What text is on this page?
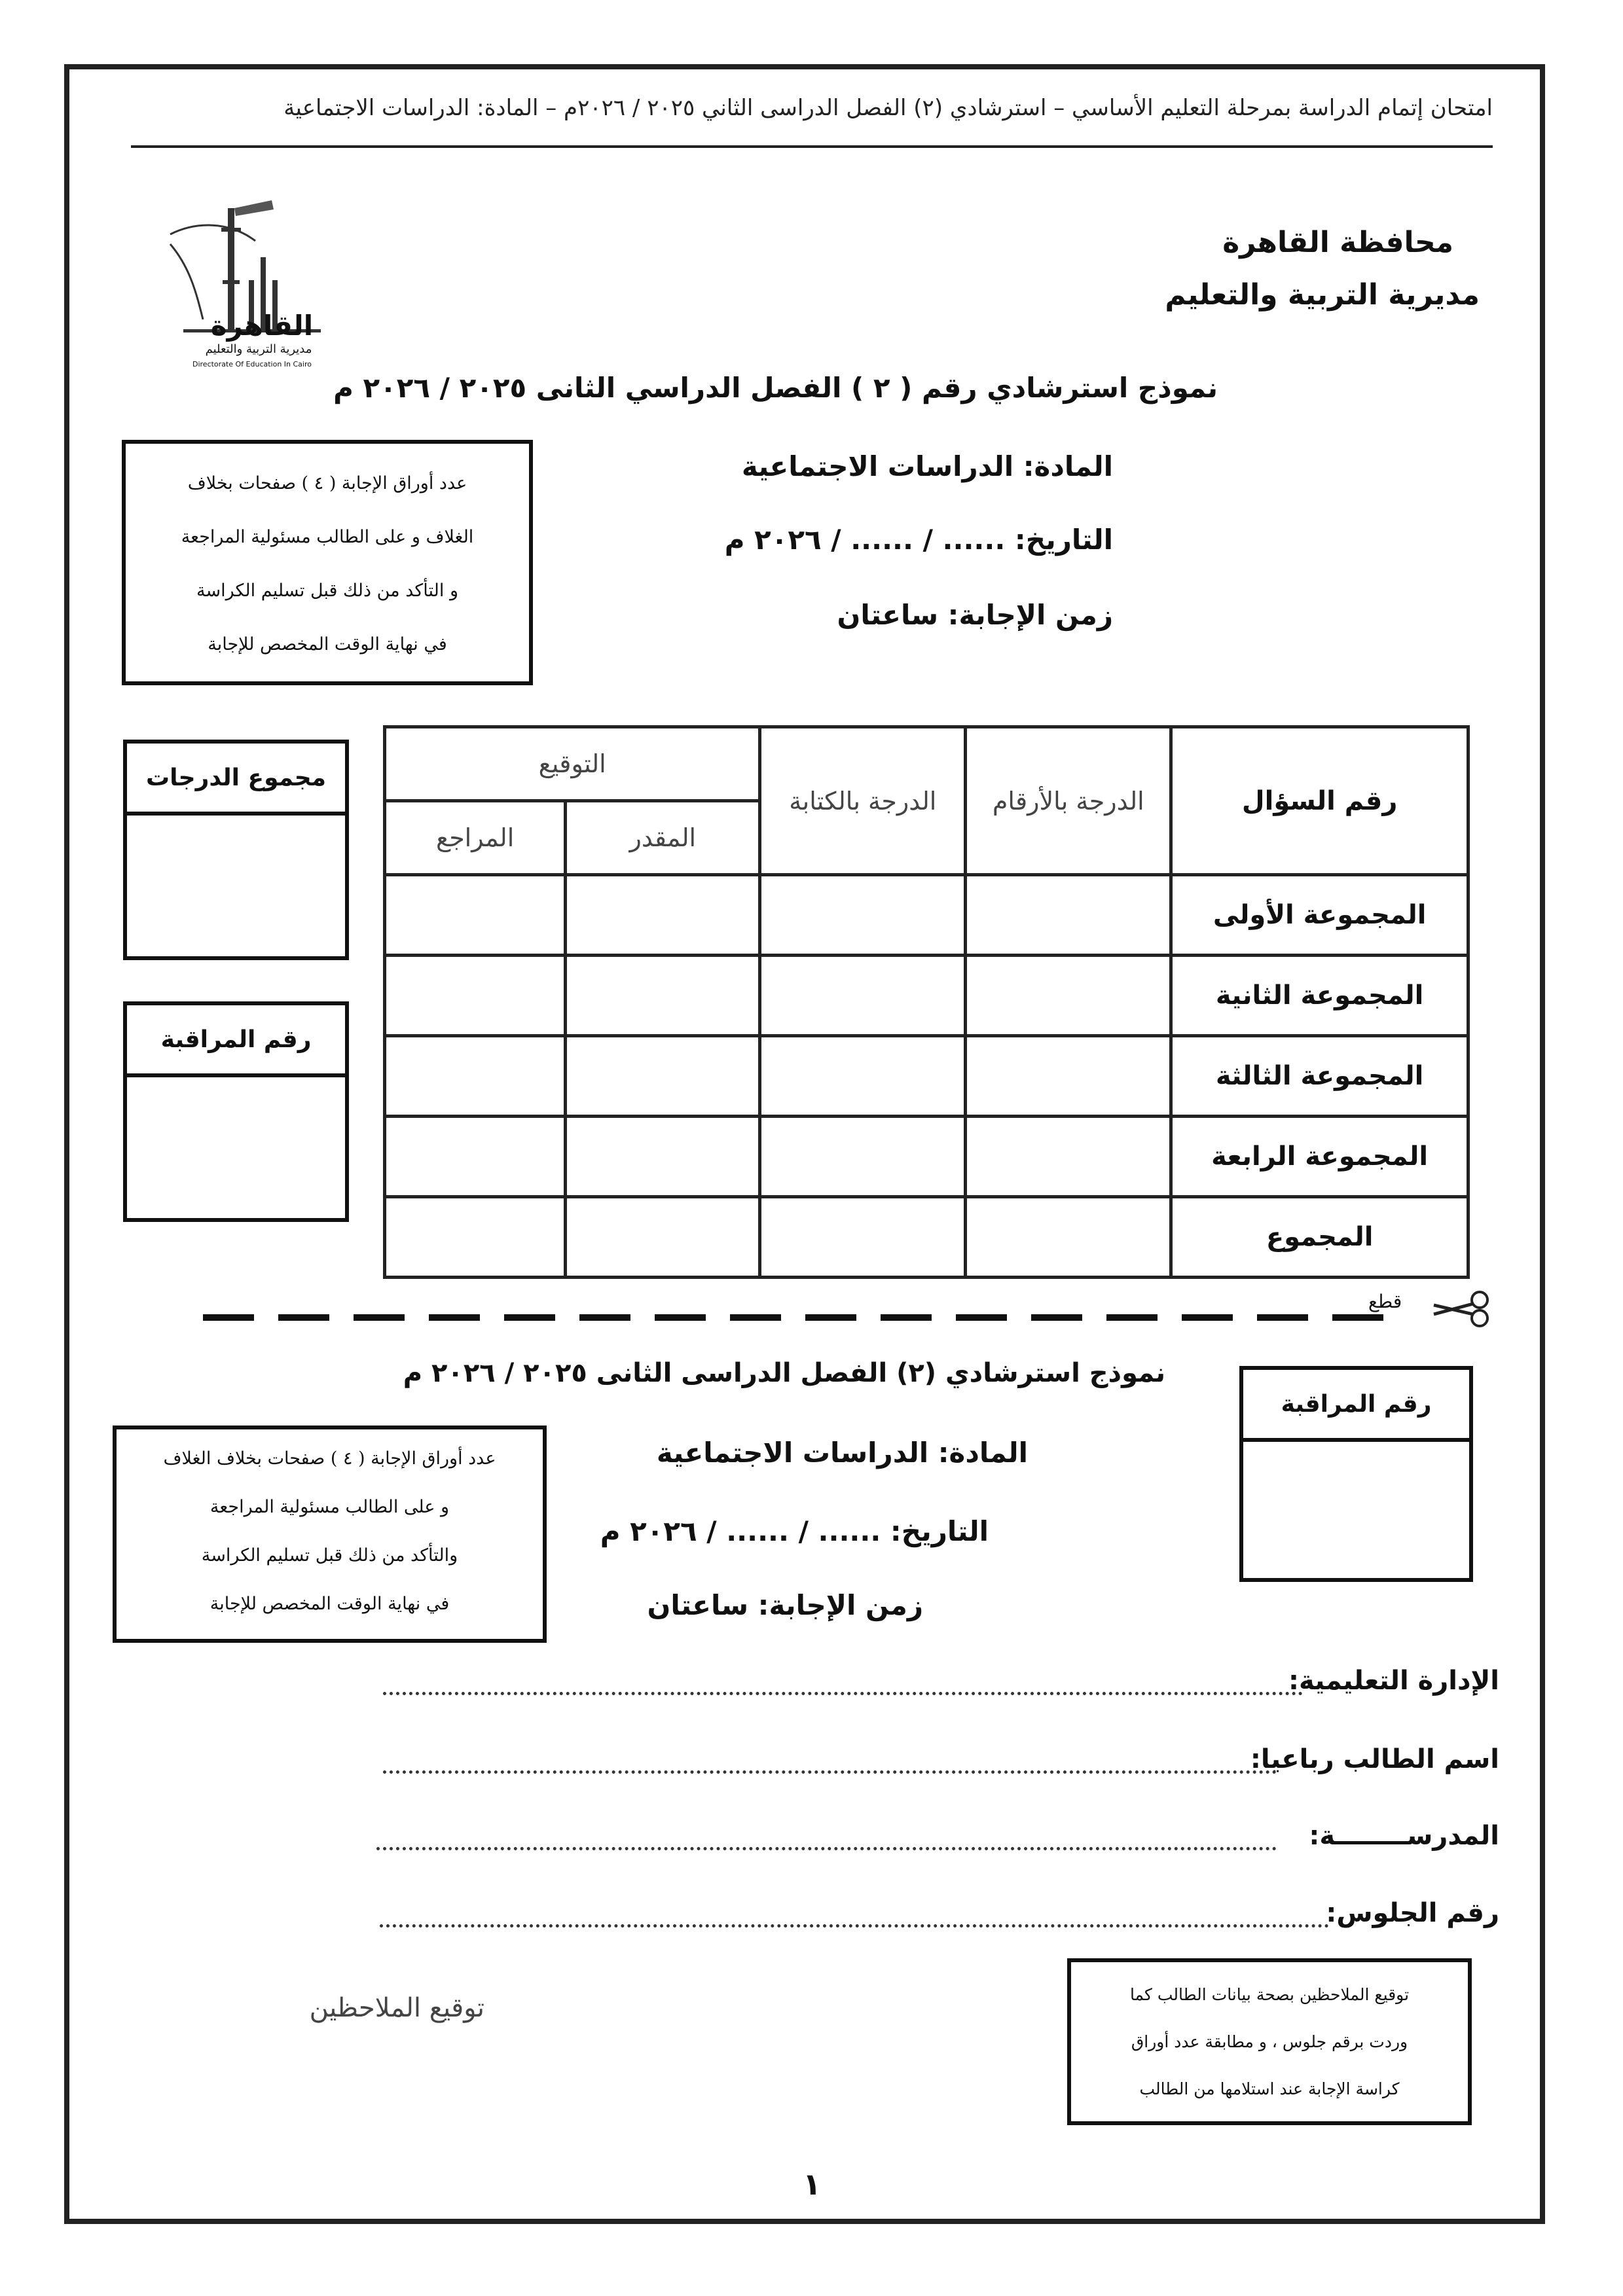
امتحان إتمام الدراسة بمرحلة التعليم الأساسي – استرشادي (٢) الفصل الدراسى الثاني ٢٠٢٥ / ٢٠٢٦م – المادة: الدراسات الاجتماعية
محافظة القاهرة
مديرية التربية والتعليم
القاهرة
مديرية التربية والتعليم
Directorate Of Education In Cairo
نموذج استرشادي رقم ( ٢ ) الفصل الدراسي الثانى ٢٠٢٥ / ٢٠٢٦ م
عدد أوراق الإجابة ( ٤ ) صفحات بخلاف
الغلاف و على الطالب مسئولية المراجعة
و التأكد من ذلك قبل تسليم الكراسة
في نهاية الوقت المخصص للإجابة
المادة: الدراسات الاجتماعية
التاريخ: ...... / ...... / ٢٠٢٦ م
زمن الإجابة: ساعتان
رقم السؤال	الدرجة بالأرقام	الدرجة بالكتابة	التوقيع	
			المقدر	المراجع
المجموعة الأولى				
المجموعة الثانية				
المجموعة الثالثة				
المجموعة الرابعة				
المجموع				
مجموع الدرجات
رقم المراقبة
قطع
نموذج استرشادي (٢) الفصل الدراسى الثانى ٢٠٢٥ / ٢٠٢٦ م
رقم المراقبة
عدد أوراق الإجابة ( ٤ ) صفحات بخلاف الغلاف
و على الطالب مسئولية المراجعة
والتأكد من ذلك قبل تسليم الكراسة
في نهاية الوقت المخصص للإجابة
المادة: الدراسات الاجتماعية
التاريخ: ...... / ...... / ٢٠٢٦ م
زمن الإجابة: ساعتان
الإدارة التعليمية:
اسم الطالب رباعيا:
المدرســــــــة:
رقم الجلوس:
توقيع الملاحظين بصحة بيانات الطالب كما
وردت برقم جلوس ، و مطابقة عدد أوراق
كراسة الإجابة عند استلامها من الطالب
توقيع الملاحظين
١
